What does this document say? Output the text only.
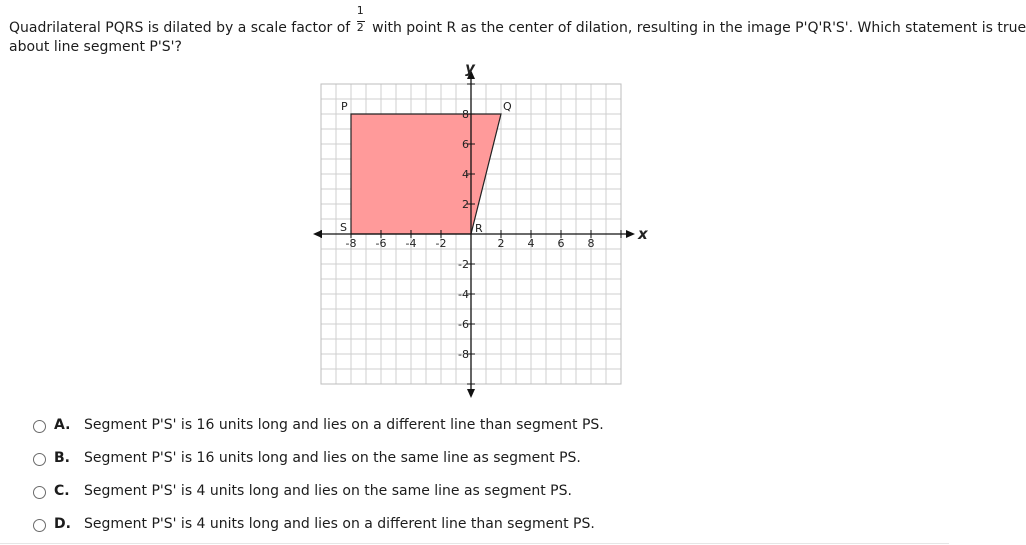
Quadrilateral PQRS is dilated by a scale factor of $\frac{1}{2}$ with point R as the center of dilation, resulting in the image P'Q'R'S'. Which statement is true
about line segment P'S'?
-8 -6 -4 -2	2 4 6 8
8
6
4
2
-2
-4
-6
-8
x
y
P	Q
R
S
A. Segment P'S' is 16 units long and lies on a different line than segment PS.
B. Segment P'S' is 16 units long and lies on the same line as segment PS.
C. Segment P'S' is 4 units long and lies on the same line as segment PS.
D. Segment P'S' is 4 units long and lies on a different line than segment PS.
